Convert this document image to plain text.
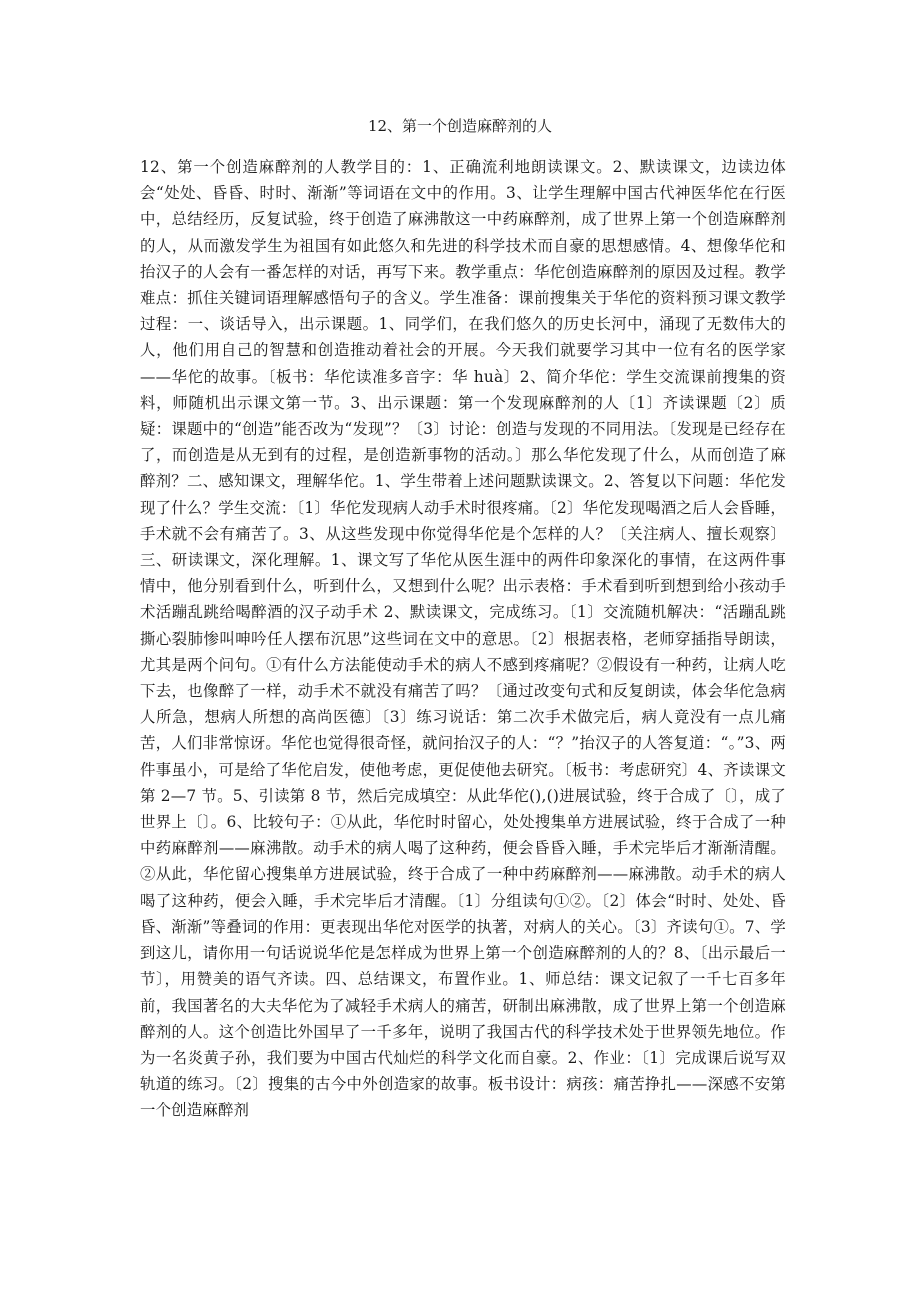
12、第一个创造麻醉剂的人

12、第一个创造麻醉剂的人教学目的：1、正确流利地朗读课文。2、默读课文，边读边体会“处处、昏昏、时时、渐渐”等词语在文中的作用。3、让学生理解中国古代神医华佗在行医中，总结经历，反复试验，终于创造了麻沸散这一中药麻醉剂，成了世界上第一个创造麻醉剂的人，从而激发学生为祖国有如此悠久和先进的科学技术而自豪的思想感情。4、想像华佗和抬汉子的人会有一番怎样的对话，再写下来。教学重点：华佗创造麻醉剂的原因及过程。教学难点：抓住关键词语理解感悟句子的含义。学生准备：课前搜集关于华佗的资料预习课文教学过程：一、谈话导入，出示课题。1、同学们，在我们悠久的历史长河中，涌现了无数伟大的人，他们用自己的智慧和创造推动着社会的开展。今天我们就要学习其中一位有名的医学家——华佗的故事。〔板书：华佗读准多音字：华 huà〕2、简介华佗：学生交流课前搜集的资料，师随机出示课文第一节。3、出示课题：第一个发现麻醉剂的人〔1〕齐读课题〔2〕质疑：课题中的“创造”能否改为“发现”？〔3〕讨论：创造与发现的不同用法。〔发现是已经存在了，而创造是从无到有的过程，是创造新事物的活动。〕那么华佗发现了什么，从而创造了麻醉剂？二、感知课文，理解华佗。1、学生带着上述问题默读课文。2、答复以下问题：华佗发现了什么？学生交流：〔1〕华佗发现病人动手术时很疼痛。〔2〕华佗发现喝酒之后人会昏睡，手术就不会有痛苦了。3、从这些发现中你觉得华佗是个怎样的人？〔关注病人、擅长观察〕三、研读课文，深化理解。1、课文写了华佗从医生涯中的两件印象深化的事情，在这两件事情中，他分别看到什么，听到什么，又想到什么呢？出示表格：手术看到听到想到给小孩动手术活蹦乱跳给喝醉酒的汉子动手术 2、默读课文，完成练习。〔1〕交流随机解决：“活蹦乱跳撕心裂肺惨叫呻吟任人摆布沉思”这些词在文中的意思。〔2〕根据表格，老师穿插指导朗读，尤其是两个问句。①有什么方法能使动手术的病人不感到疼痛呢？②假设有一种药，让病人吃下去，也像醉了一样，动手术不就没有痛苦了吗？〔通过改变句式和反复朗读，体会华佗急病人所急，想病人所想的高尚医德〕〔3〕练习说话：第二次手术做完后，病人竟没有一点儿痛苦，人们非常惊讶。华佗也觉得很奇怪，就问抬汉子的人：“？”抬汉子的人答复道：“。”3、两件事虽小，可是给了华佗启发，使他考虑，更促使他去研究。〔板书：考虑研究〕4、齐读课文第 2—7 节。5、引读第 8 节，然后完成填空：从此华佗(),()进展试验，终于合成了〔〕，成了世界上〔〕。6、比较句子：①从此，华佗时时留心，处处搜集单方进展试验，终于合成了一种中药麻醉剂——麻沸散。动手术的病人喝了这种药，便会昏昏入睡，手术完毕后才渐渐清醒。②从此，华佗留心搜集单方进展试验，终于合成了一种中药麻醉剂——麻沸散。动手术的病人喝了这种药，便会入睡，手术完毕后才清醒。〔1〕分组读句①②。〔2〕体会“时时、处处、昏昏、渐渐”等叠词的作用：更表现出华佗对医学的执著，对病人的关心。〔3〕齐读句①。7、学到这儿，请你用一句话说说华佗是怎样成为世界上第一个创造麻醉剂的人的？8、〔出示最后一节〕，用赞美的语气齐读。四、总结课文，布置作业。1、师总结：课文记叙了一千七百多年前，我国著名的大夫华佗为了减轻手术病人的痛苦，研制出麻沸散，成了世界上第一个创造麻醉剂的人。这个创造比外国早了一千多年，说明了我国古代的科学技术处于世界领先地位。作为一名炎黄子孙，我们要为中国古代灿烂的科学文化而自豪。2、作业：〔1〕完成课后说写双轨道的练习。〔2〕搜集的古今中外创造家的故事。板书设计：病孩：痛苦挣扎——深感不安第一个创造麻醉剂
